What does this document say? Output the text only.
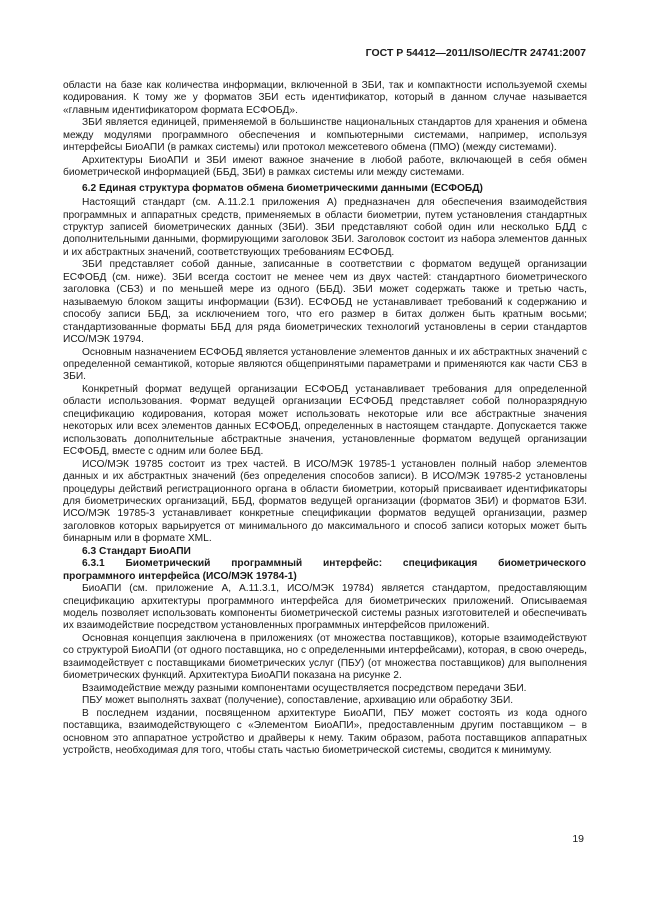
ГОСТ Р 54412—2011/ISO/IEC/TR 24741:2007

области на базе как количества информации, включенной в ЗБИ, так и компактности используемой схемы кодирования. К тому же у форматов ЗБИ есть идентификатор, который в данном случае называется «главным идентификатором формата ЕСФОБД».

ЗБИ является единицей, применяемой в большинстве национальных стандартов для хранения и обмена между модулями программного обеспечения и компьютерными системами, например, используя интерфейсы БиоАПИ (в рамках системы) или протокол межсетевого обмена (ПМО) (между системами).

Архитектуры БиоАПИ и ЗБИ имеют важное значение в любой работе, включающей в себя обмен биометрической информацией (ББД, ЗБИ) в рамках системы или между системами.

6.2 Единая структура форматов обмена биометрическими данными (ЕСФОБД)

Настоящий стандарт (см. А.11.2.1 приложения А) предназначен для обеспечения взаимодействия программных и аппаратных средств, применяемых в области биометрии, путем установления стандартных структур записей биометрических данных (ЗБИ). ЗБИ представляют собой один или несколько БДД с дополнительными данными, формирующими заголовок ЗБИ. Заголовок состоит из набора элементов данных и их абстрактных значений, соответствующих требованиям ЕСФОБД.

ЗБИ представляет собой данные, записанные в соответствии с форматом ведущей организации ЕСФОБД (см. ниже). ЗБИ всегда состоит не менее чем из двух частей: стандартного биометрического заголовка (СБЗ) и по меньшей мере из одного (ББД). ЗБИ может содержать также и третью часть, называемую блоком защиты информации (БЗИ). ЕСФОБД не устанавливает требований к содержанию и способу записи ББД, за исключением того, что его размер в битах должен быть кратным восьми; стандартизованные форматы ББД для ряда биометрических технологий установлены в серии стандартов ИСО/МЭК 19794.

Основным назначением ЕСФОБД является установление элементов данных и их абстрактных значений с определенной семантикой, которые являются общепринятыми параметрами и применяются как части СБЗ в ЗБИ.

Конкретный формат ведущей организации ЕСФОБД устанавливает требования для определенной области использования. Формат ведущей организации ЕСФОБД представляет собой полноразрядную спецификацию кодирования, которая может использовать некоторые или все абстрактные значения некоторых или всех элементов данных ЕСФОБД, определенных в настоящем стандарте. Допускается также использовать дополнительные абстрактные значения, установленные форматом ведущей организации ЕСФОБД, вместе с одним или более ББД.

ИСО/МЭК 19785 состоит из трех частей. В ИСО/МЭК 19785-1 установлен полный набор элементов данных и их абстрактных значений (без определения способов записи). В ИСО/МЭК 19785-2 установлены процедуры действий регистрационного органа в области биометрии, который присваивает идентификаторы для биометрических организаций, ББД, форматов ведущей организации (форматов ЗБИ) и форматов БЗИ. ИСО/МЭК 19785-3 устанавливает конкретные спецификации форматов ведущей организации, размер заголовков которых варьируется от минимального до максимального и способ записи которых может быть бинарным или в формате XML.

6.3 Стандарт БиоАПИ
6.3.1 Биометрический программный интерфейс: спецификация биометрического
программного интерфейса (ИСО/МЭК 19784-1)

БиоАПИ (см. приложение А, А.11.3.1, ИСО/МЭК 19784) является стандартом, предоставляющим спецификацию архитектуры программного интерфейса для биометрических приложений. Описываемая модель позволяет использовать компоненты биометрической системы разных изготовителей и обеспечивать их взаимодействие посредством установленных программных интерфейсов приложений.

Основная концепция заключена в приложениях (от множества поставщиков), которые взаимодействуют со структурой БиоАПИ (от одного поставщика, но с определенными интерфейсами), которая, в свою очередь, взаимодействует с поставщиками биометрических услуг (ПБУ) (от множества поставщиков) для выполнения биометрических функций. Архитектура БиоАПИ показана на рисунке 2.

Взаимодействие между разными компонентами осуществляется посредством передачи ЗБИ.

ПБУ может выполнять захват (получение), сопоставление, архивацию или обработку ЗБИ.

В последнем издании, посвященном архитектуре БиоАПИ, ПБУ может состоять из кода одного поставщика, взаимодействующего с «Элементом БиоАПИ», предоставленным другим поставщиком – в основном это аппаратное устройство и драйверы к нему. Таким образом, работа поставщиков аппаратных устройств, необходимая для того, чтобы стать частью биометрической системы, сводится к минимуму.

19
